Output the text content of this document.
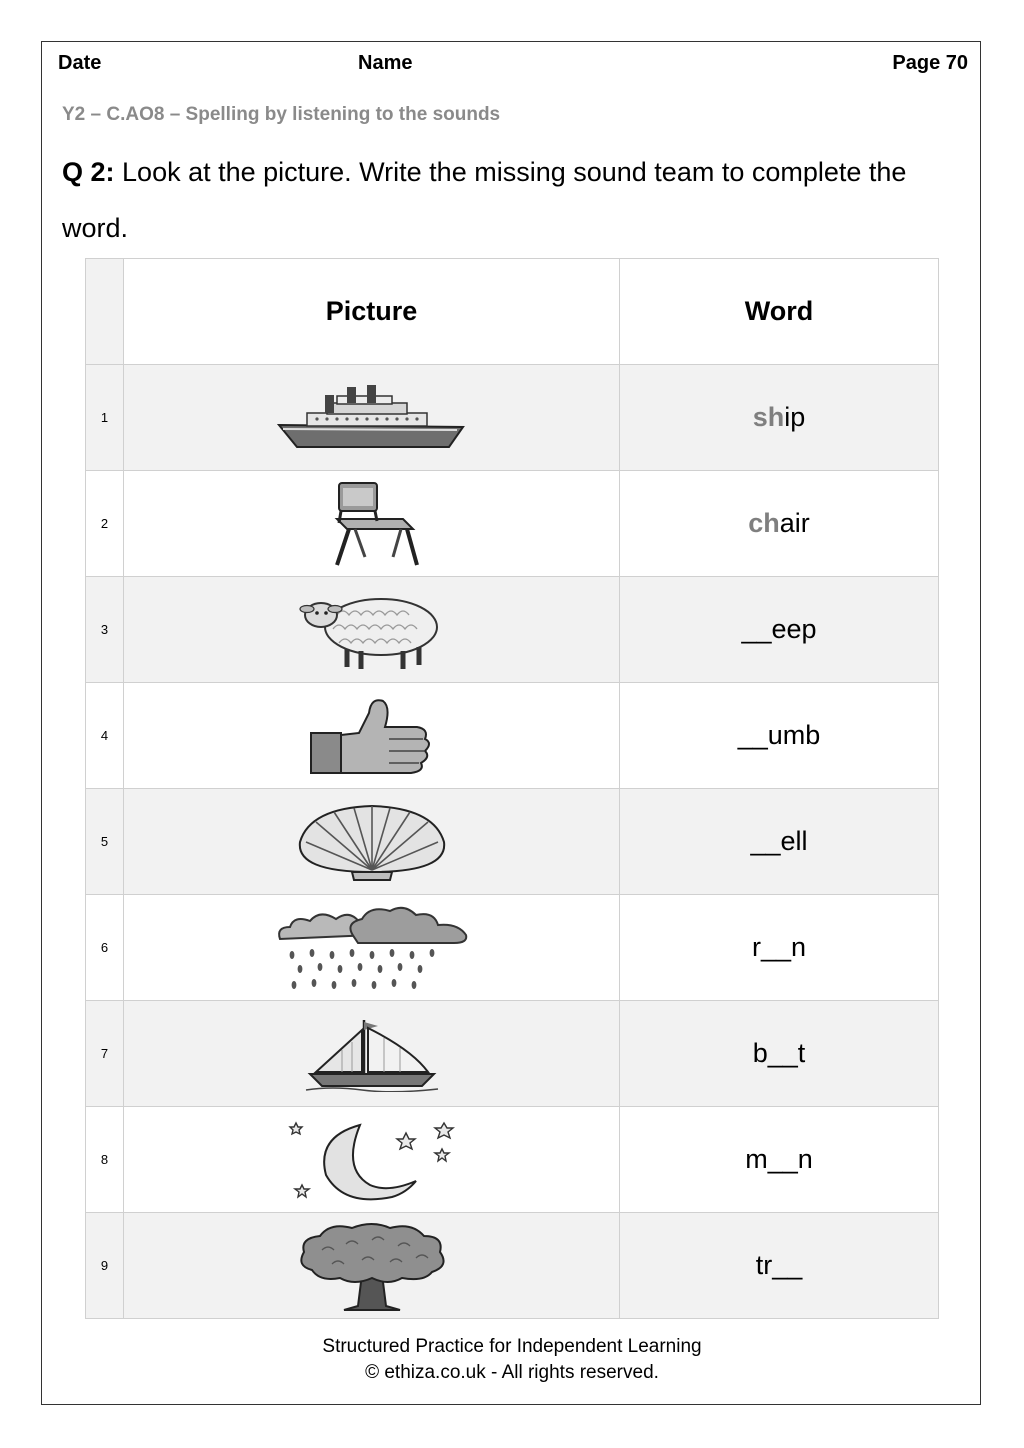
Date	Name	Page 70
Y2 – C.AO8 – Spelling by listening to the sounds
Q 2: Look at the picture. Write the missing sound team to complete the word.
	Picture	Word
1		ship
2		chair
3		__eep
4		__umb
5		__ell
6		r__n
7		b__t
8		m__n
9		tr__
Structured Practice for Independent Learning
© ethiza.co.uk - All rights reserved.
